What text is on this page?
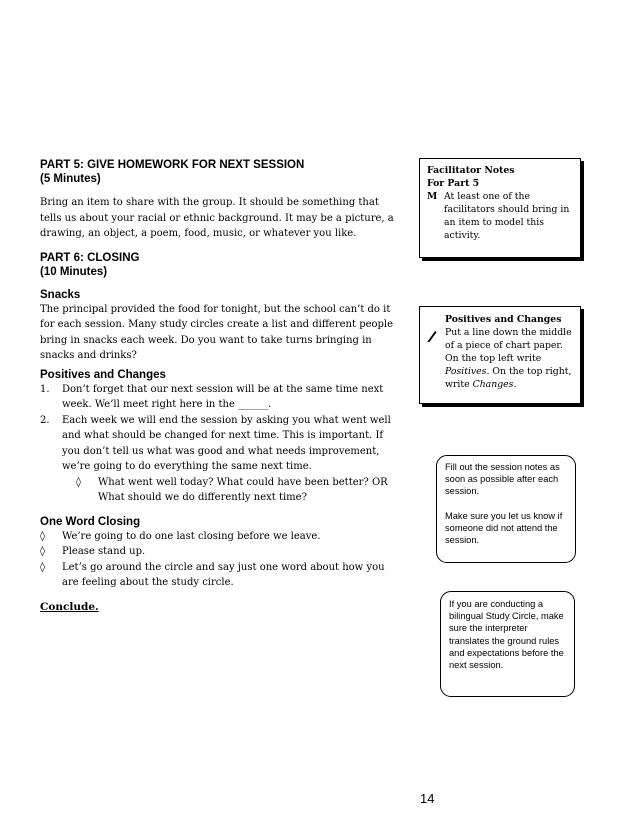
PART 5: GIVE HOMEWORK FOR NEXT SESSION

(5 Minutes)

Bring an item to share with the group. It should be something that tells us about your racial or ethnic background. It may be a picture, a drawing, an object, a poem, food, music, or whatever you like.

PART 6: CLOSING

(10 Minutes)

Snacks

The principal provided the food for tonight, but the school can’t do it for each session. Many study circles create a list and different people bring in snacks each week. Do you want to take turns bringing in snacks and drinks?

Positives and Changes

1. Don’t forget that our next session will be at the same time next week. We’ll meet right here in the ______.
2. Each week we will end the session by asking you what went well and what should be changed for next time. This is important. If you don’t tell us what was good and what needs improvement, we’re going to do everything the same next time.
◊ What went well today? What could have been better? OR What should we do differently next time?

One Word Closing

◊ We’re going to do one last closing before we leave.
◊ Please stand up.
◊ Let’s go around the circle and say just one word about how you are feeling about the study circle.

Conclude.

Facilitator Notes
For Part 5
M At least one of the facilitators should bring in an item to model this activity.
Positives and Changes
Put a line down the middle of a piece of chart paper. On the top left write Positives. On the top right, write Changes.

Fill out the session notes as soon as possible after each session.

Make sure you let us know if someone did not attend the session.

If you are conducting a bilingual Study Circle, make sure the interpreter translates the ground rules and expectations before the next session.

14
